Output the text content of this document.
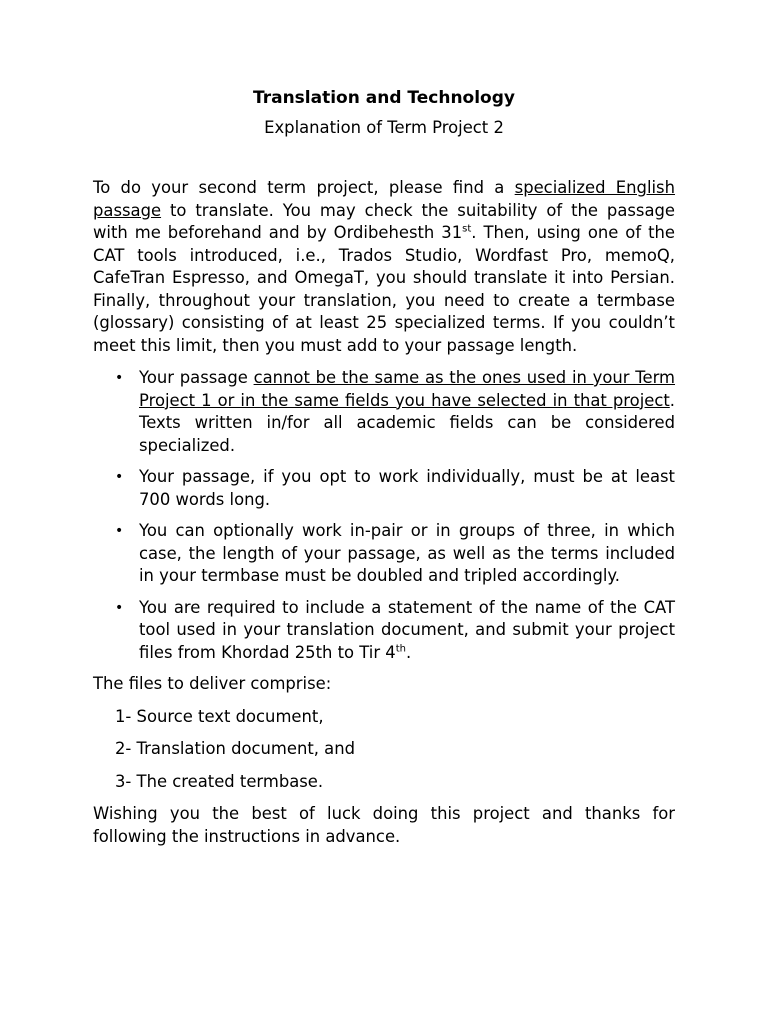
Translation and Technology
Explanation of Term Project 2

To do your second term project, please find a specialized English passage to translate. You may check the suitability of the passage with me beforehand and by Ordibehesth 31st. Then, using one of the CAT tools introduced, i.e., Trados Studio, Wordfast Pro, memoQ, CafeTran Espresso, and OmegaT, you should translate it into Persian. Finally, throughout your translation, you need to create a termbase (glossary) consisting of at least 25 specialized terms. If you couldn’t meet this limit, then you must add to your passage length.

• Your passage cannot be the same as the ones used in your Term Project 1 or in the same fields you have selected in that project. Texts written in/for all academic fields can be considered specialized.
• Your passage, if you opt to work individually, must be at least 700 words long.
• You can optionally work in-pair or in groups of three, in which case, the length of your passage, as well as the terms included in your termbase must be doubled and tripled accordingly.
• You are required to include a statement of the name of the CAT tool used in your translation document, and submit your project files from Khordad 25th to Tir 4th.

The files to deliver comprise:

1- Source text document,
2- Translation document, and
3- The created termbase.

Wishing you the best of luck doing this project and thanks for following the instructions in advance.
